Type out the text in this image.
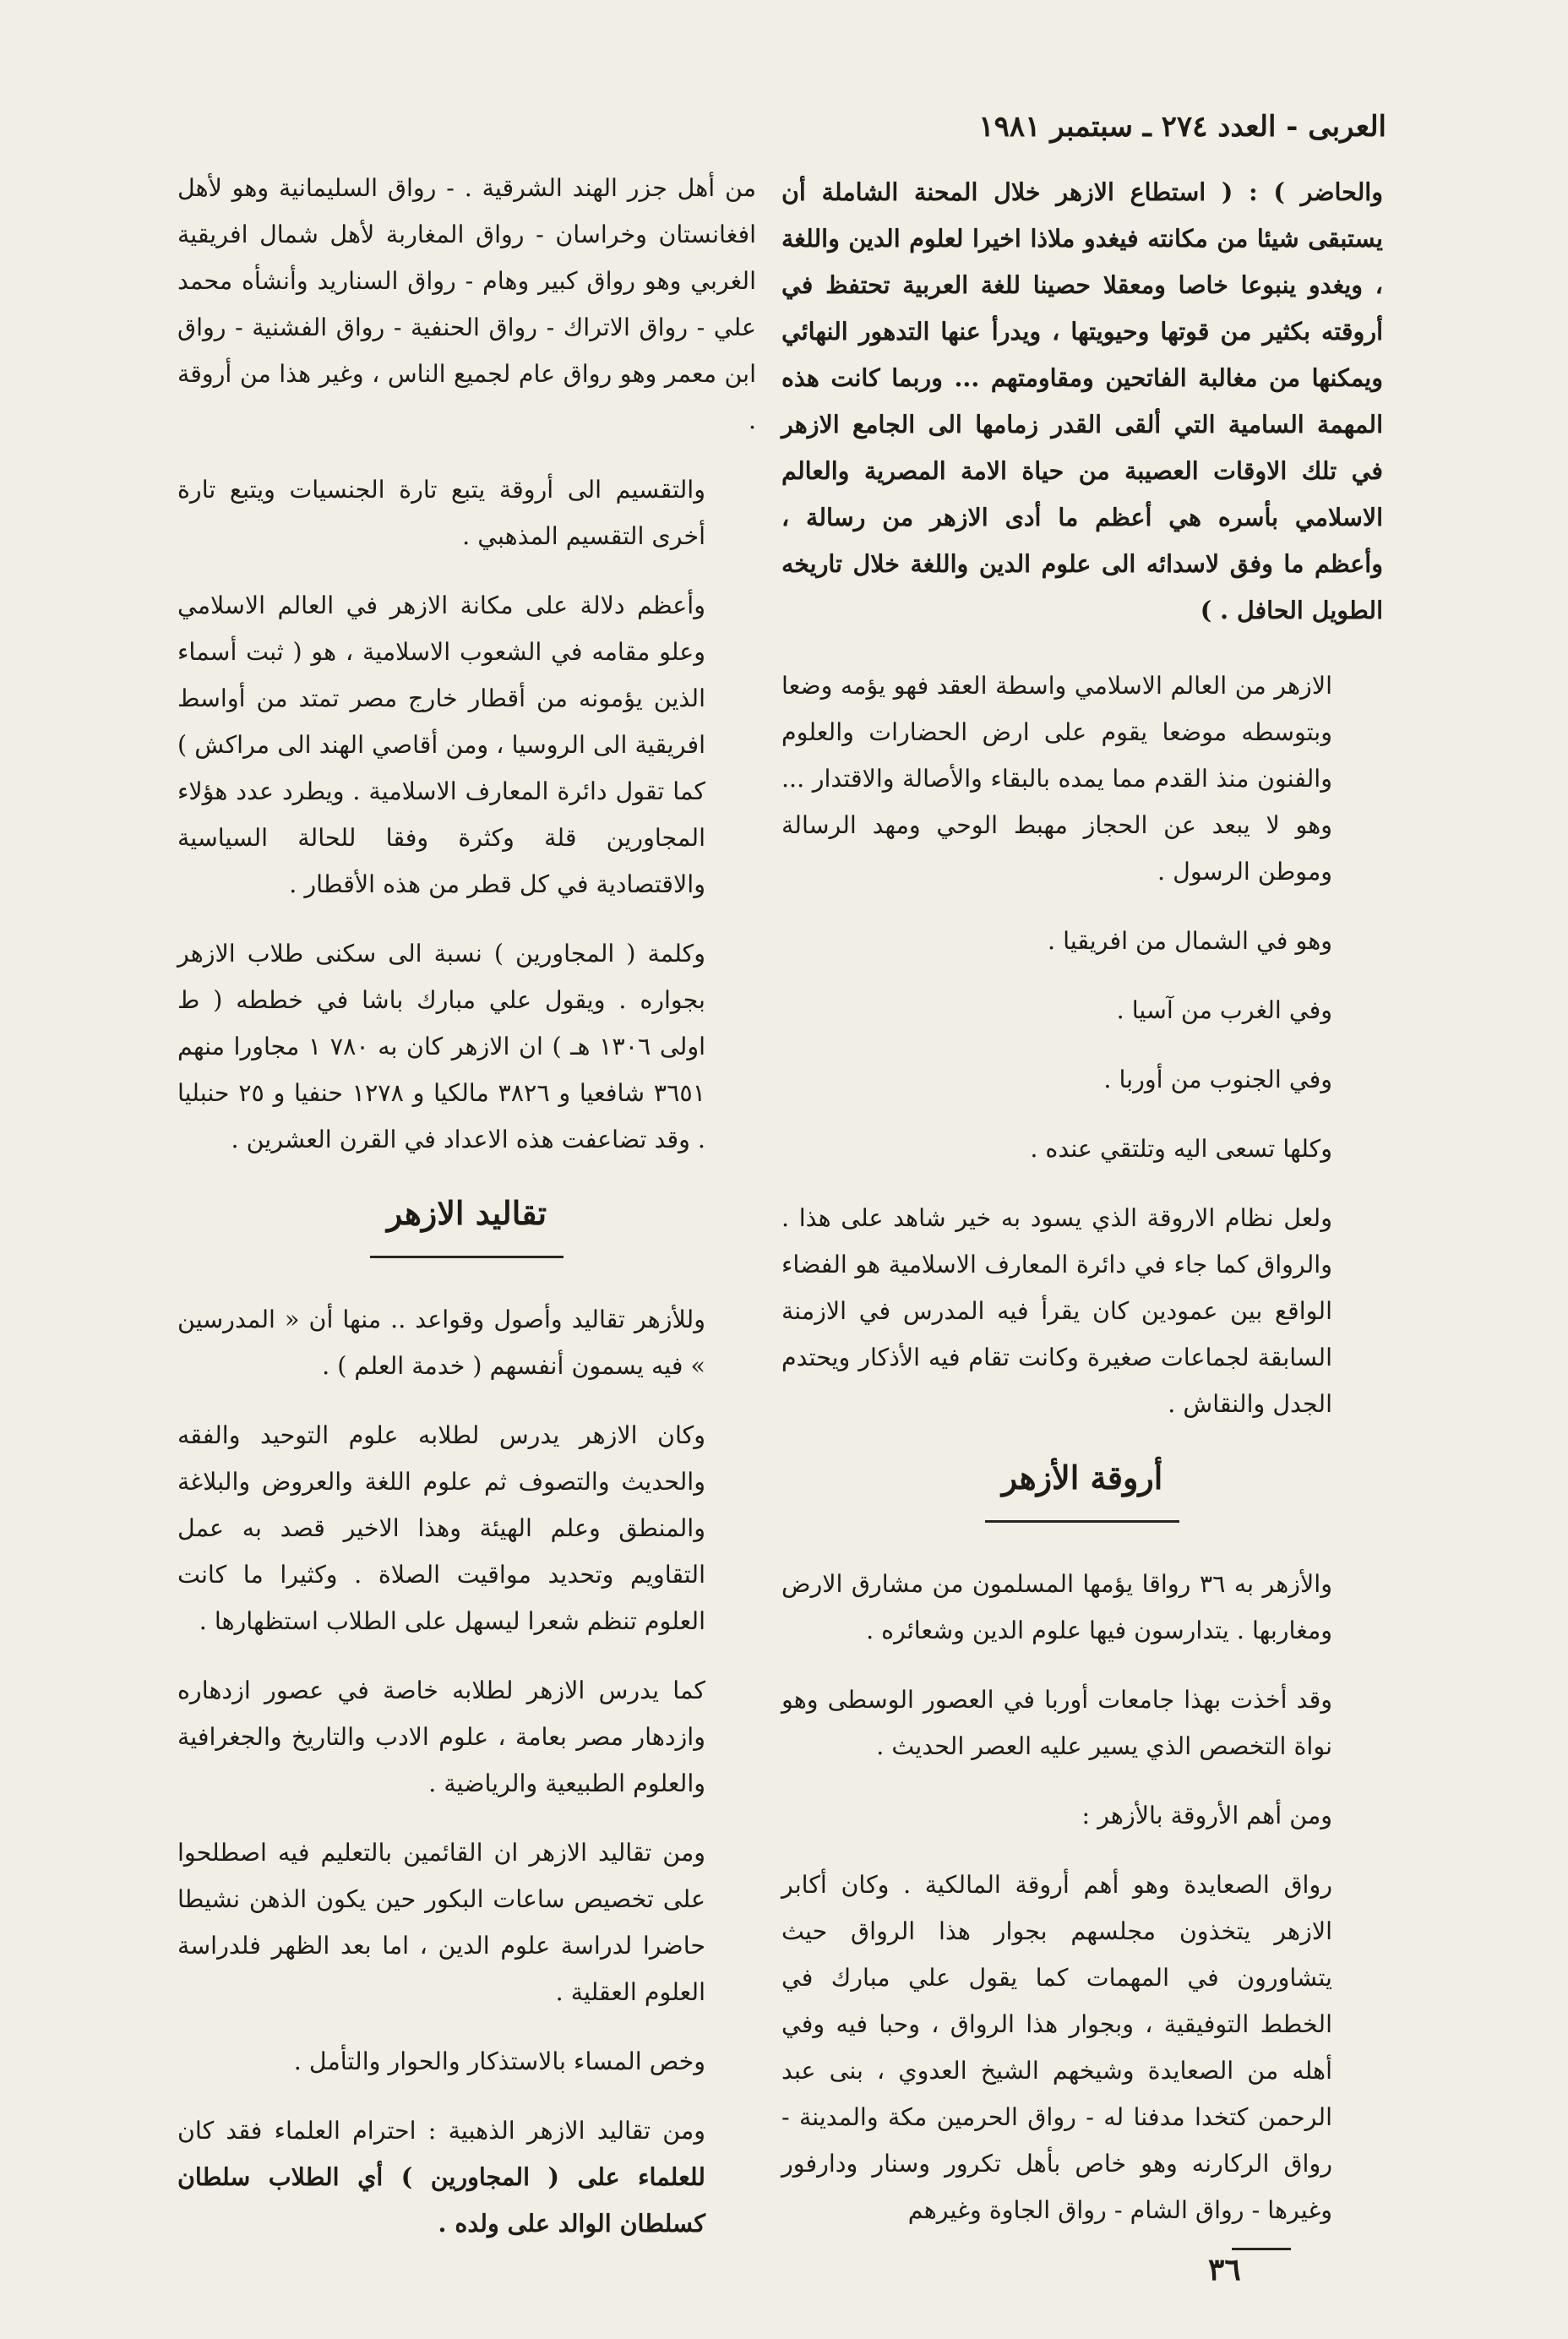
العربى - العدد ٢٧٤ ـ سبتمبر ١٩٨١

والحاضر ) : ( استطاع الازهر خلال المحنة الشاملة أن يستبقى شيئا من مكانته فيغدو ملاذا اخيرا لعلوم الدين واللغة ، ويغدو ينبوعا خاصا ومعقلا حصينا للغة العربية تحتفظ في أروقته بكثير من قوتها وحيويتها ، ويدرأ عنها التدهور النهائي ويمكنها من مغالبة الفاتحين ومقاومتهم ... وربما كانت هذه المهمة السامية التي ألقى القدر زمامها الى الجامع الازهر في تلك الاوقات العصيبة من حياة الامة المصرية والعالم الاسلامي بأسره هي أعظم ما أدى الازهر من رسالة ، وأعظم ما وفق لاسدائه الى علوم الدين واللغة خلال تاريخه الطويل الحافل . )

الازهر من العالم الاسلامي واسطة العقد فهو يؤمه وضعا وبتوسطه موضعا يقوم على ارض الحضارات والعلوم والفنون منذ القدم مما يمده بالبقاء والأصالة والاقتدار ... وهو لا يبعد عن الحجاز مهبط الوحي ومهد الرسالة وموطن الرسول .

وهو في الشمال من افريقيا .

وفي الغرب من آسيا .

وفي الجنوب من أوربا .

وكلها تسعى اليه وتلتقي عنده .

ولعل نظام الاروقة الذي يسود به خير شاهد على هذا . والرواق كما جاء في دائرة المعارف الاسلامية هو الفضاء الواقع بين عمودين كان يقرأ فيه المدرس في الازمنة السابقة لجماعات صغيرة وكانت تقام فيه الأذكار ويحتدم الجدل والنقاش .

أروقة الأزهر

والأزهر به ٣٦ رواقا يؤمها المسلمون من مشارق الارض ومغاربها . يتدارسون فيها علوم الدين وشعائره .

وقد أخذت بهذا جامعات أوربا في العصور الوسطى وهو نواة التخصص الذي يسير عليه العصر الحديث .

ومن أهم الأروقة بالأزهر :

رواق الصعايدة وهو أهم أروقة المالكية . وكان أكابر الازهر يتخذون مجلسهم بجوار هذا الرواق حيث يتشاورون في المهمات كما يقول علي مبارك في الخطط التوفيقية ، وبجوار هذا الرواق ، وحبا فيه وفي أهله من الصعايدة وشيخهم الشيخ العدوي ، بنى عبد الرحمن كتخدا مدفنا له - رواق الحرمين مكة والمدينة - رواق الركارنه وهو خاص بأهل تكرور وسنار ودارفور وغيرها - رواق الشام - رواق الجاوة وغيرهم

من أهل جزر الهند الشرقية . - رواق السليمانية وهو لأهل افغانستان وخراسان - رواق المغاربة لأهل شمال افريقية الغربي وهو رواق كبير وهام - رواق السناريد وأنشأه محمد علي - رواق الاتراك - رواق الحنفية - رواق الفشنية - رواق ابن معمر وهو رواق عام لجميع الناس ، وغير هذا من أروقة .

والتقسيم الى أروقة يتبع تارة الجنسيات ويتبع تارة أخرى التقسيم المذهبي .

وأعظم دلالة على مكانة الازهر في العالم الاسلامي وعلو مقامه في الشعوب الاسلامية ، هو ( ثبت أسماء الذين يؤمونه من أقطار خارج مصر تمتد من أواسط افريقية الى الروسيا ، ومن أقاصي الهند الى مراكش ) كما تقول دائرة المعارف الاسلامية . ويطرد عدد هؤلاء المجاورين قلة وكثرة وفقا للحالة السياسية والاقتصادية في كل قطر من هذه الأقطار .

وكلمة ( المجاورين ) نسبة الى سكنى طلاب الازهر بجواره . ويقول علي مبارك باشا في خططه ( ط اولى ١٣٠٦ هـ ) ان الازهر كان به ٧٨٠ ١ مجاورا منهم ٣٦٥١ شافعيا و ٣٨٢٦ مالكيا و ١٢٧٨ حنفيا و ٢٥ حنبليا . وقد تضاعفت هذه الاعداد في القرن العشرين .

تقاليد الازهر

وللأزهر تقاليد وأصول وقواعد .. منها أن « المدرسين » فيه يسمون أنفسهم ( خدمة العلم ) .

وكان الازهر يدرس لطلابه علوم التوحيد والفقه والحديث والتصوف ثم علوم اللغة والعروض والبلاغة والمنطق وعلم الهيئة وهذا الاخير قصد به عمل التقاويم وتحديد مواقيت الصلاة . وكثيرا ما كانت العلوم تنظم شعرا ليسهل على الطلاب استظهارها .

كما يدرس الازهر لطلابه خاصة في عصور ازدهاره وازدهار مصر بعامة ، علوم الادب والتاريخ والجغرافية والعلوم الطبيعية والرياضية .

ومن تقاليد الازهر ان القائمين بالتعليم فيه اصطلحوا على تخصيص ساعات البكور حين يكون الذهن نشيطا حاضرا لدراسة علوم الدين ، اما بعد الظهر فلدراسة العلوم العقلية .

وخص المساء بالاستذكار والحوار والتأمل .

ومن تقاليد الازهر الذهبية : احترام العلماء فقد كان للعلماء على ( المجاورين ) أي الطلاب سلطان كسلطان الوالد على ولده .

٣٦
